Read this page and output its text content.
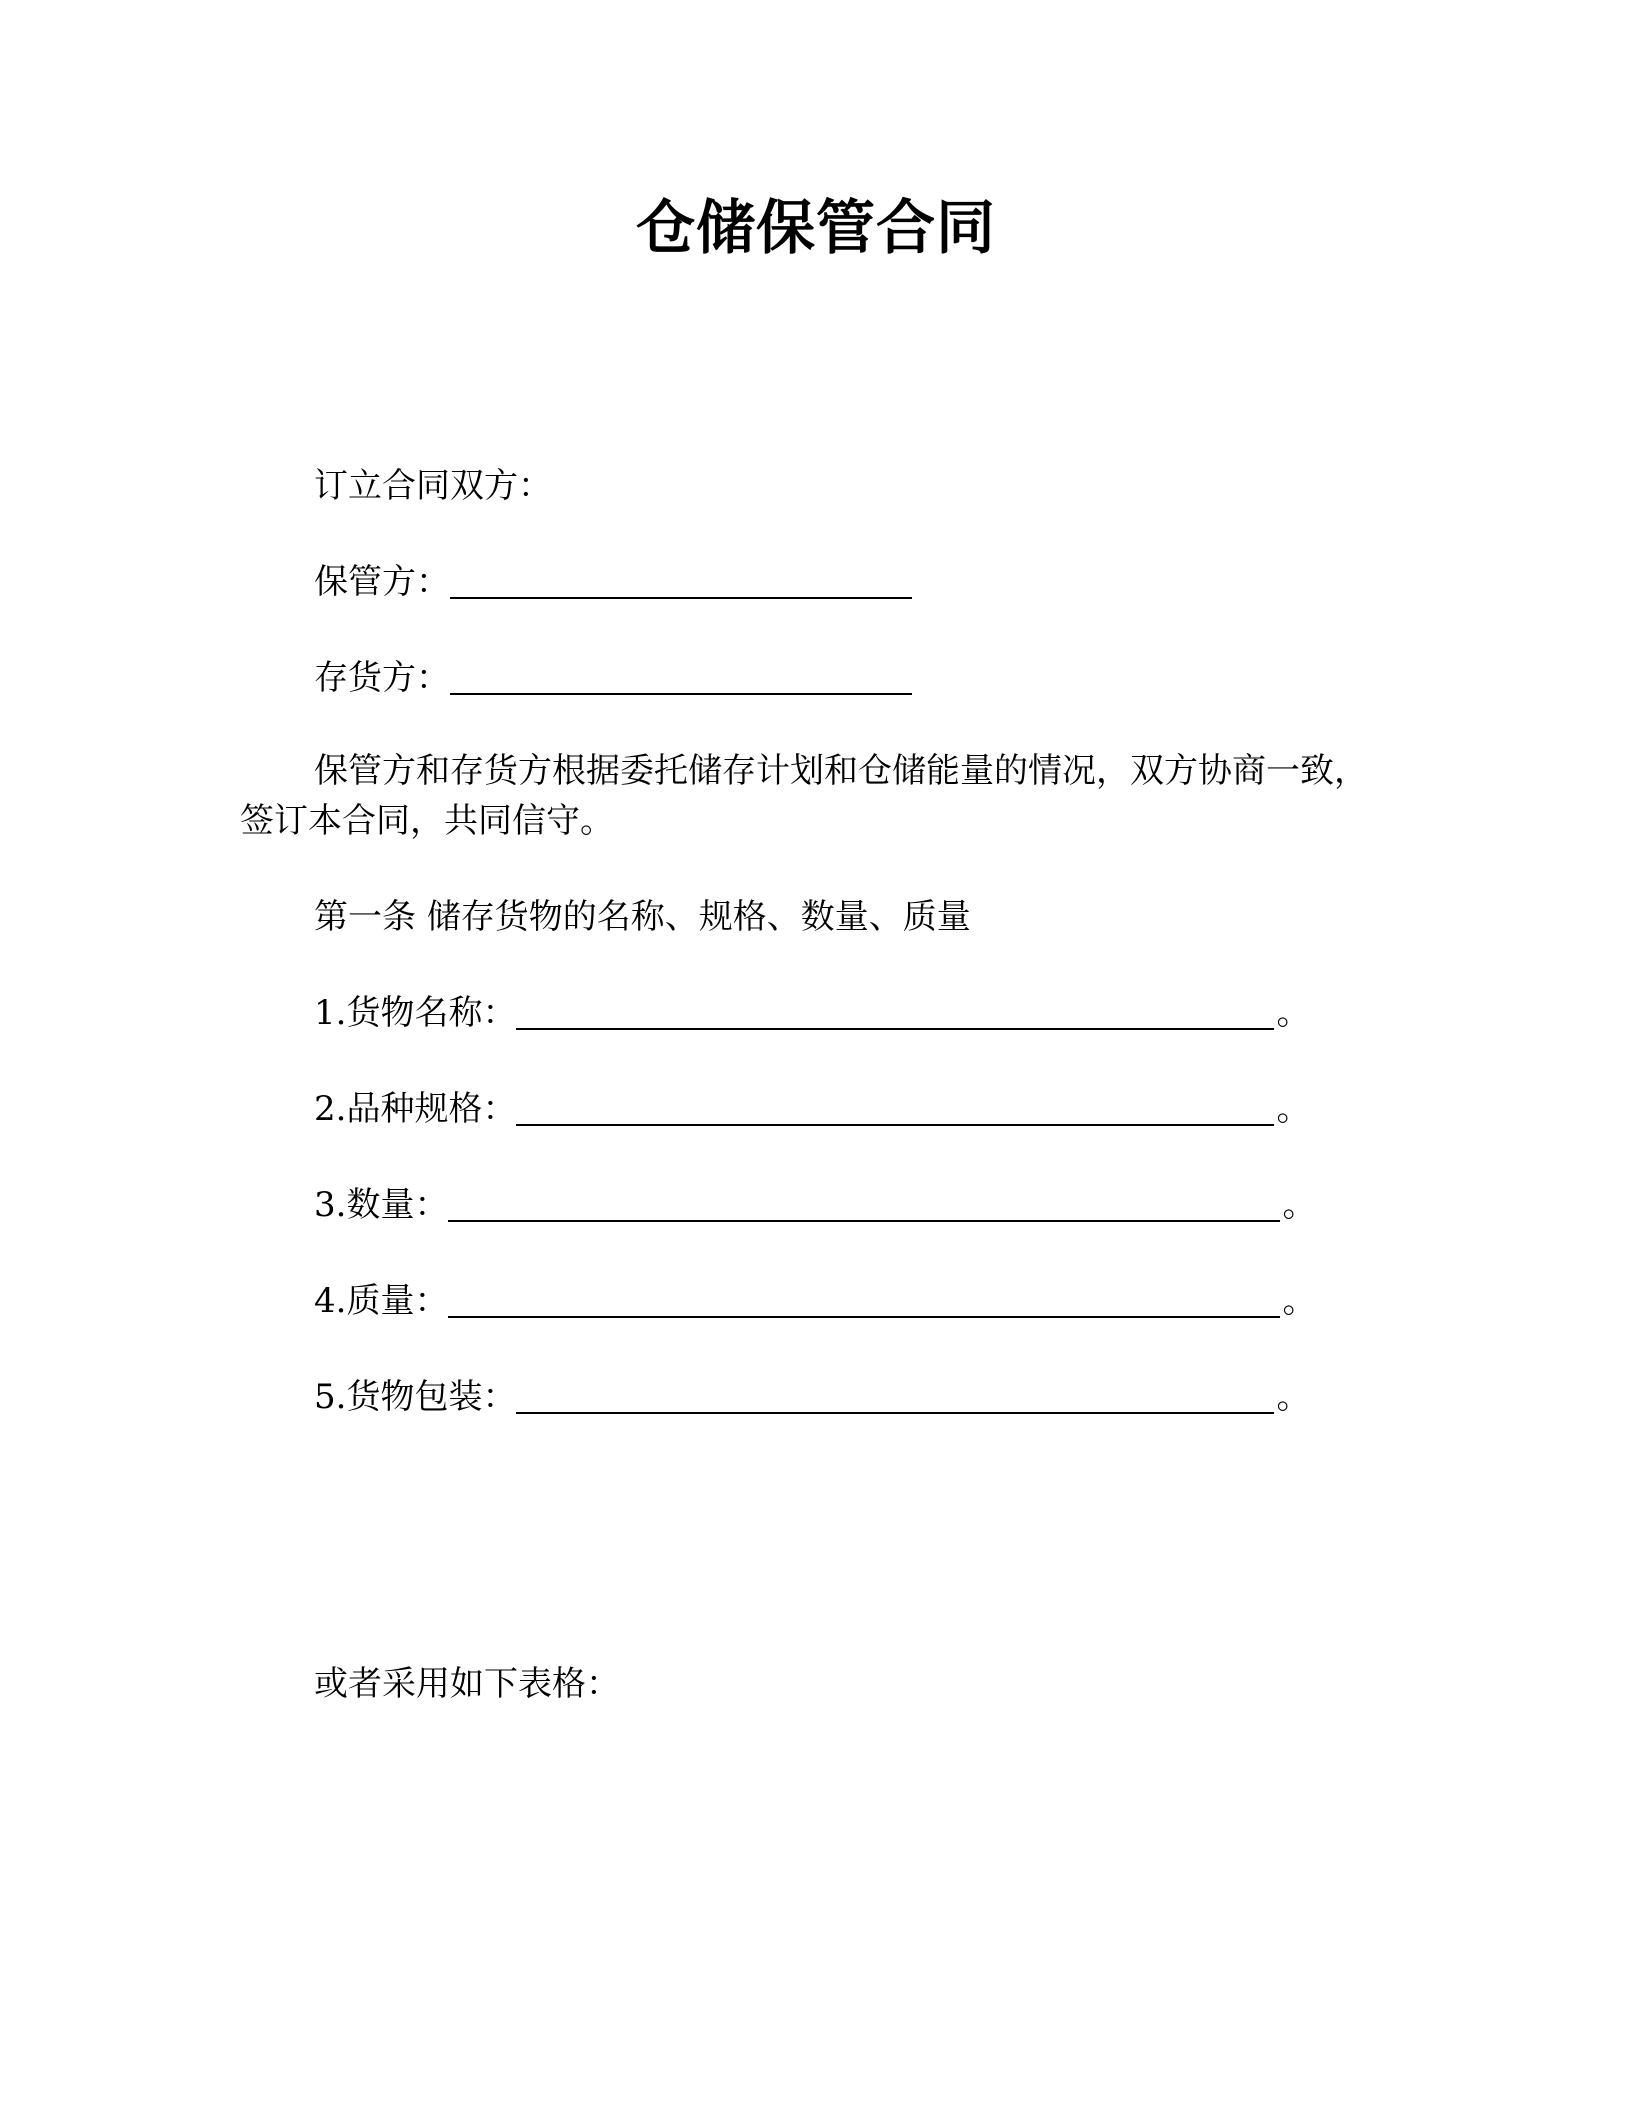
仓储保管合同
订立合同双方：
保管方：
存货方：
保管方和存货方根据委托储存计划和仓储能量的情况，双方协商一致，签订本合同，共同信守。
第一条 储存货物的名称、规格、数量、质量
1.货物名称：	。
2.品种规格：	。
3.数量：	。
4.质量：	。
5.货物包装：	。
或者采用如下表格：
